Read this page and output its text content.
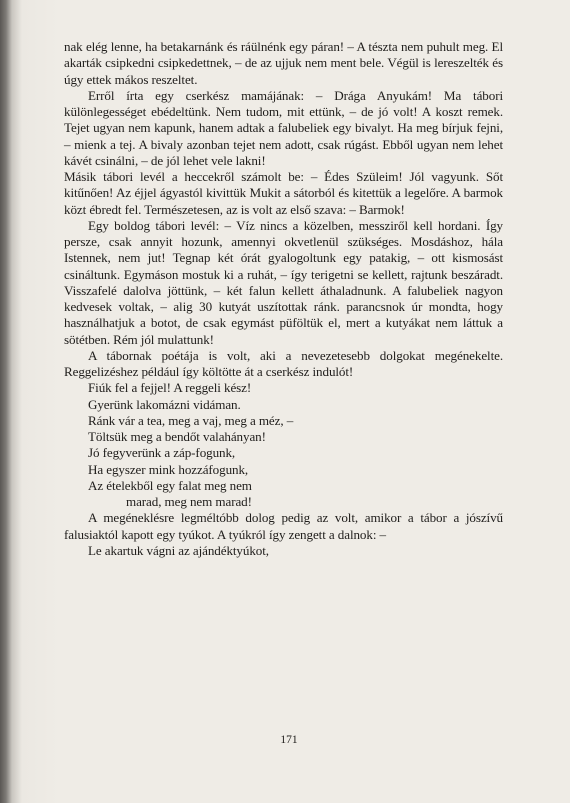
nak elég lenne, ha betakarnánk és ráülnénk egy páran! – A tészta nem puhult meg. El akarták csipkedni csipkedettnek, – de az ujjuk nem ment bele. Végül is lereszelték és úgy ettek mákos reszeltet.

Erről írta egy cserkész mamájának: – Drága Anyukám! Ma tábori különlegességet ebédeltünk. Nem tudom, mit ettünk, – de jó volt! A koszt remek. Tejet ugyan nem kapunk, hanem adtak a falubeliek egy bivalyt. Ha meg bírjuk fejni, – mienk a tej. A bivaly azonban tejet nem adott, csak rúgást. Ebből ugyan nem lehet kávét csinálni, – de jól lehet vele lakni!

Másik tábori levél a heccekről számolt be: – Édes Szüleim! Jól vagyunk. Sőt kitűnően! Az éjjel ágyastól kivittük Mukit a sátorból és kitettük a legelőre. A barmok közt ébredt fel. Természetesen, az is volt az első szava: – Barmok!

Egy boldog tábori levél: – Víz nincs a közelben, messziről kell hordani. Így persze, csak annyit hozunk, amennyi okvetlenül szükséges. Mosdáshoz, hála Istennek, nem jut! Tegnap két órát gyalogoltunk egy patakig, – ott kismosást csináltunk. Egymáson mostuk ki a ruhát, – így terigetni se kellett, rajtunk beszáradt. Visszafelé dalolva jöttünk, – két falun kellett áthaladnunk. A falubeliek nagyon kedvesek voltak, – alig 30 kutyát uszítottak ránk. parancsnok úr mondta, hogy használhatjuk a botot, de csak egymást püföltük el, mert a kutyákat nem láttuk a sötétben. Rém jól mulattunk!

A tábornak poétája is volt, aki a nevezetesebb dolgokat megénekelte. Reggelizéshez például így költötte át a cserkész indulót!

Fiúk fel a fejjel! A reggeli kész!
Gyerünk lakomázni vidáman.
Ránk vár a tea, meg a vaj, meg a méz, –
Töltsük meg a bendőt valahányan!
Jó fegyverünk a záp-fogunk,
Ha egyszer mink hozzáfogunk,
Az ételekből egy falat meg nem
marad, meg nem marad!

A megéneklésre legméltóbb dolog pedig az volt, amikor a tábor a jószívű falusiaktól kapott egy tyúkot. A tyúkról így zengett a dalnok: –

Le akartuk vágni az ajándéktyúkot,

171
